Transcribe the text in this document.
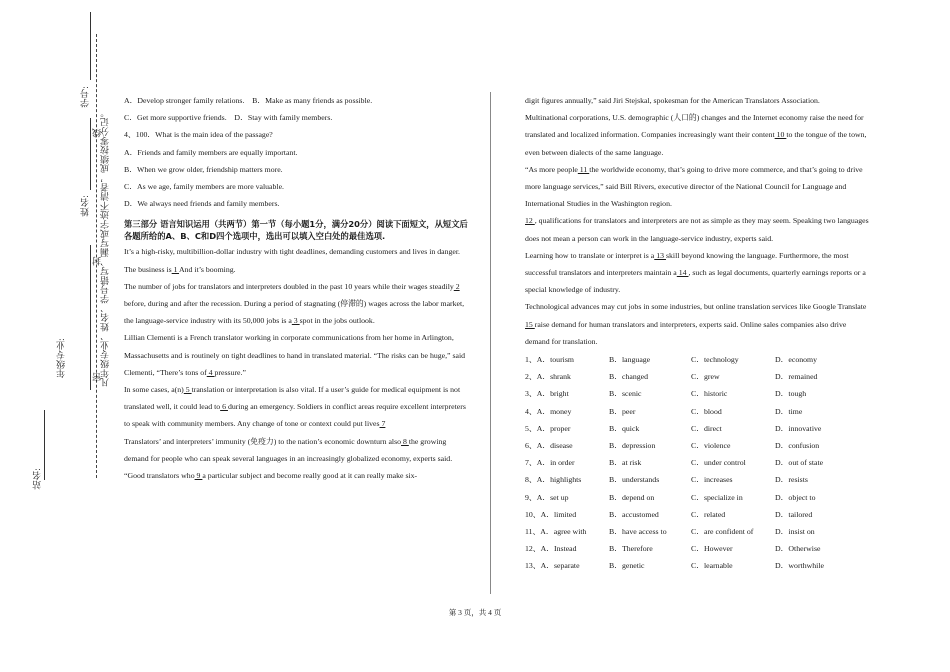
学号:
姓名:
年级专业:
站名:
凡年级专业、姓名、学号错写、漏写或字迹不清者，成绩按零分记。
线
封
密

A．Develop stronger family relations.　B．Make as many friends as possible.

C．Get more supportive friends.　D．Stay with family members.

4、100．What is the main idea of the passage?

A．Friends and family members are equally important.

B．When we grow older, friendship matters more.

C．As we age, family members are more valuable.

D．We always need friends and family members.

第三部分 语言知识运用（共两节）第一节（每小题1分，满分20分）阅读下面短文，从短文后各题所给的A、B、C和D四个选项中，选出可以填入空白处的最佳选项.

It’s a high-risky, multibillion-dollar industry with tight deadlines, demanding customers and lives in danger.

The business is 1 And it’s booming.

The number of jobs for translators and interpreters doubled in the past 10 years while their wages steadily 2 before, during and after the recession. During a period of stagnating (停滞的) wages across the labor market, the language-service industry with its 50,000 jobs is a 3 spot in the jobs outlook.

Lillian Clementi is a French translator working in corporate communications from her home in Arlington, Massachusetts and is routinely on tight deadlines to hand in translated material. “The risks can be huge,” said Clementi, “There’s tons of 4 pressure.”

In some cases, a(n) 5 translation or interpretation is also vital. If a user’s guide for medical equipment is not translated well, it could lead to 6 during an emergency. Soldiers in conflict areas require excellent interpreters to speak with community members. Any change of tone or context could put lives 7

Translators’ and interpreters’ immunity (免疫力) to the nation’s economic downturn also 8 the growing demand for people who can speak several languages in an increasingly globalized economy, experts said.

“Good translators who 9 a particular subject and become really good at it can really make six-

digit figures annually,” said Jiri Stejskal, spokesman for the American Translators Association.

Multinational corporations, U.S. demographic (人口的) changes and the Internet economy raise the need for translated and localized information. Companies increasingly want their content 10 to the tongue of the town, even between dialects of the same language.

“As more people 11 the worldwide economy, that’s going to drive more commerce, and that’s going to drive more language services,” said Bill Rivers, executive director of the National Council for Language and International Studies in the Washington region.

12 , qualifications for translators and interpreters are not as simple as they may seem. Speaking two languages does not mean a person can work in the language-service industry, experts said.

Learning how to translate or interpret is a 13 skill beyond knowing the language. Furthermore, the most successful translators and interpreters maintain a 14 , such as legal documents, quarterly earnings reports or a special knowledge of industry.

Technological advances may cut jobs in some industries, but online translation services like Google Translate 15 raise demand for human translators and interpreters, experts said. Online sales companies also drive demand for translation.

1、A．tourism	B．language	C．technology	D．economy
2、A．shrank	B．changed	C．grew	D．remained
3、A．bright	B．scenic	C．historic	D．tough
4、A．money	B．peer	C．blood	D．time
5、A．proper	B．quick	C．direct	D．innovative
6、A．disease	B．depression	C．violence	D．confusion
7、A．in order	B．at risk	C．under control	D．out of state
8、A．highlights	B．understands	C．increases	D．resists
9、A．set up	B．depend on	C．specialize in	D．object to
10、A．limited	B．accustomed	C．related	D．tailored
11、A．agree with	B．have access to	C．are confident of	D．insist on
12、A．Instead	B．Therefore	C．However	D．Otherwise
13、A．separate	B．genetic	C．learnable	D．worthwhile
第 3 页，共 4 页
